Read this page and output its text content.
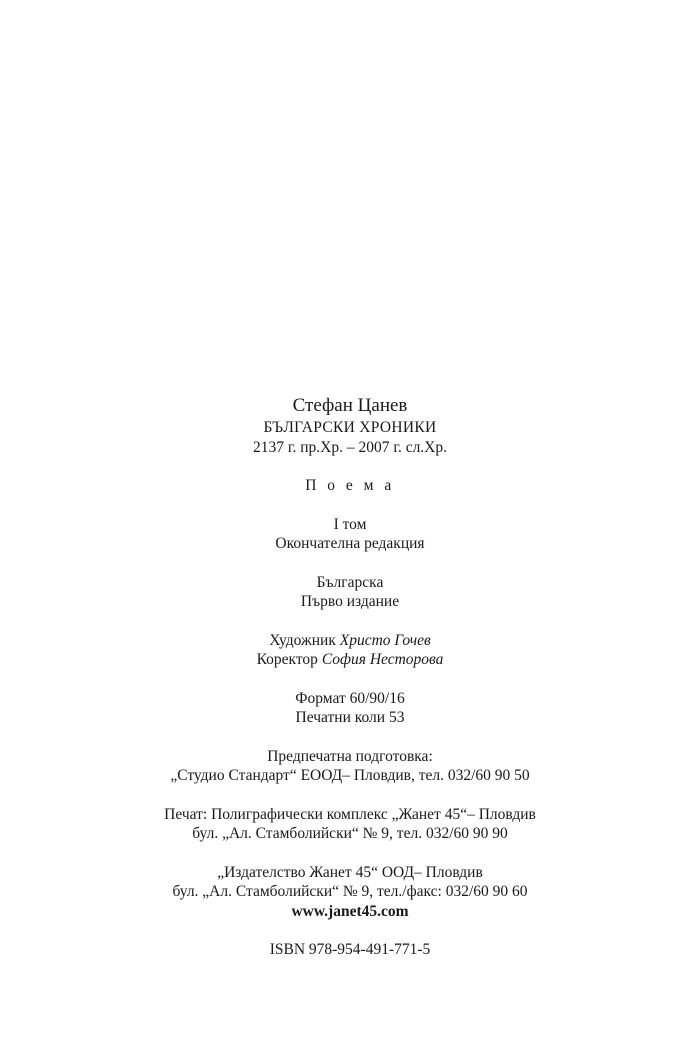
Стефан Цанев
БЪЛГАРСКИ ХРОНИКИ
2137 г. пр.Хр. – 2007 г. сл.Хр.
П о е м а
І том
Окончателна редакция
Българска
Първо издание
Художник Христо Гочев
Коректор София Несторова
Формат 60/90/16
Печатни коли 53
Предпечатна подготовка:
„Студио Стандарт“ ЕООД– Пловдив, тел. 032/60 90 50
Печат: Полиграфически комплекс „Жанет 45“– Пловдив
бул. „Ал. Стамболийски“ № 9, тел. 032/60 90 90
„Издателство Жанет 45“ ООД– Пловдив
бул. „Ал. Стамболийски“ № 9, тел./факс: 032/60 90 60
www.janet45.com
ISBN 978-954-491-771-5
